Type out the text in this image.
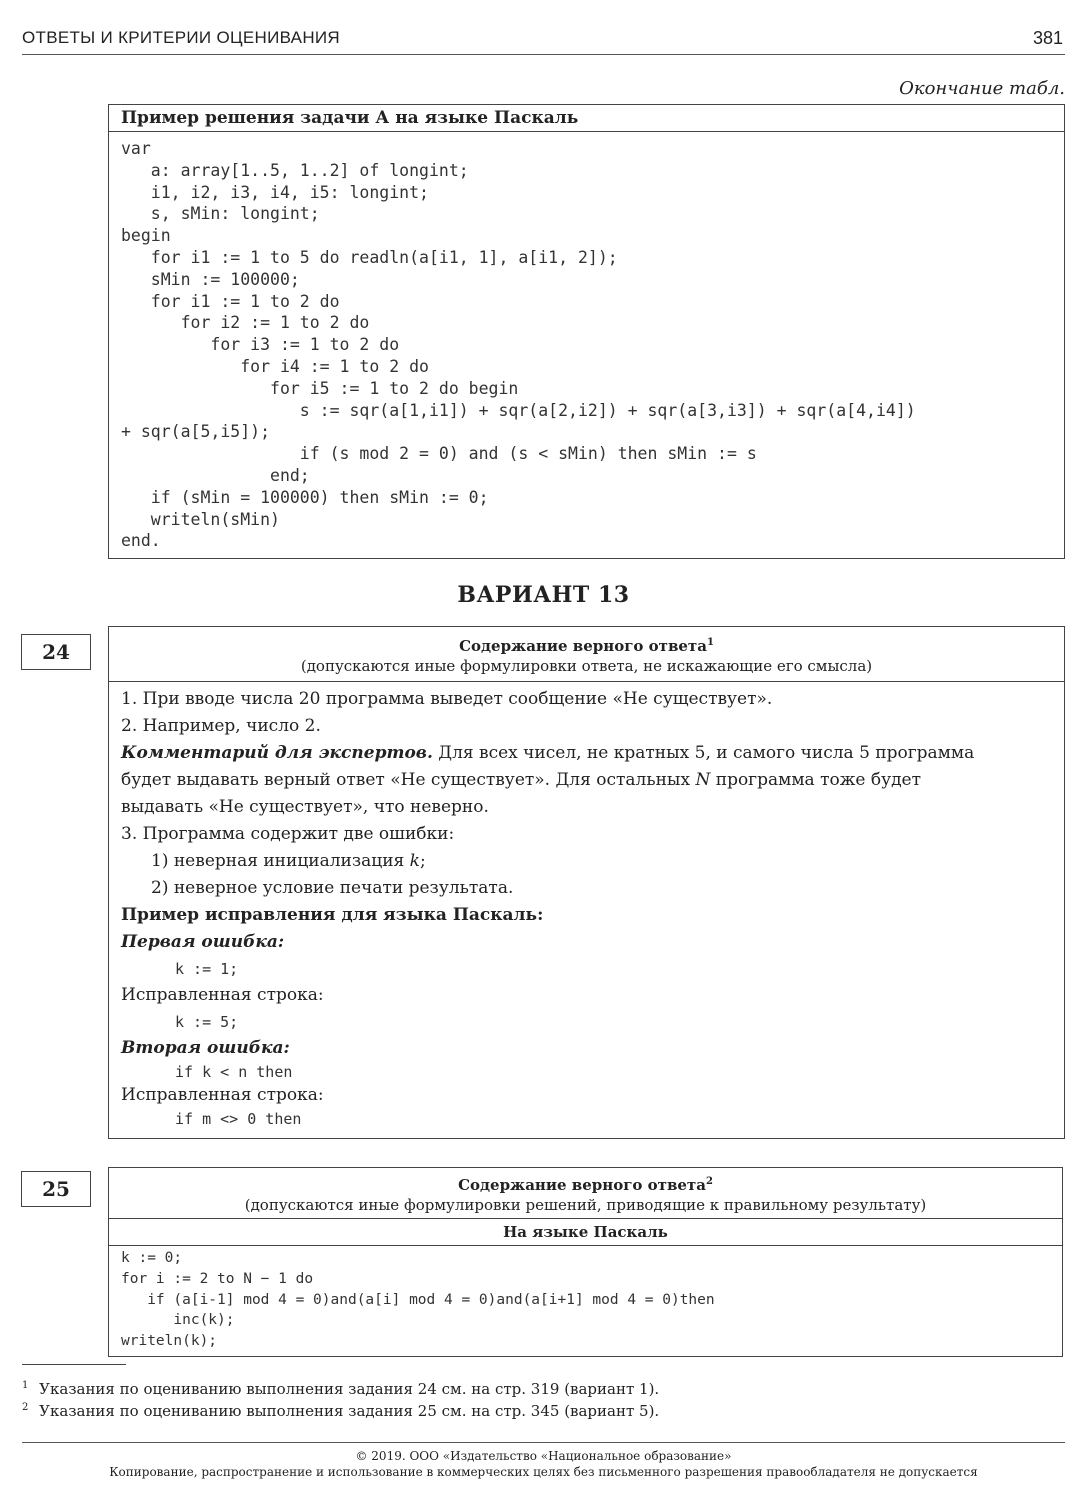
ОТВЕТЫ И КРИТЕРИИ ОЦЕНИВАНИЯ	381
Окончание табл.
Пример решения задачи А на языке Паскаль
var
a: array[1..5, 1..2] of longint;
i1, i2, i3, i4, i5: longint;
s, sMin: longint;
begin
for i1 := 1 to 5 do readln(a[i1, 1], a[i1, 2]);
sMin := 100000;
for i1 := 1 to 2 do
for i2 := 1 to 2 do
for i3 := 1 to 2 do
for i4 := 1 to 2 do
for i5 := 1 to 2 do begin
s := sqr(a[1,i1]) + sqr(a[2,i2]) + sqr(a[3,i3]) + sqr(a[4,i4])
+ sqr(a[5,i5]);
if (s mod 2 = 0) and (s < sMin) then sMin := s
end;
if (sMin = 100000) then sMin := 0;
writeln(sMin)
end.
ВАРИАНТ 13
24	Содержание верного ответа$^1$
(допускаются иные формулировки ответа, не искажающие его смысла)
1. При вводе числа 20 программа выведет сообщение «Не существует».
2. Например, число 2.
Комментарий для экспертов. Для всех чисел, не кратных 5, и самого числа 5 программа
будет выдавать верный ответ «Не существует». Для остальных N программа тоже будет
выдавать «Не существует», что неверно.
3. Программа содержит две ошибки:
1) неверная инициализация k;
2) неверное условие печати результата.
Пример исправления для языка Паскаль:
Первая ошибка:
k := 1;
Исправленная строка:
k := 5;
Вторая ошибка:
if k < n then
Исправленная строка:
if m <> 0 then
25	Содержание верного ответа$^2$
(допускаются иные формулировки решений, приводящие к правильному результату)
На языке Паскаль
k := 0;
for i := 2 to N − 1 do
if (a[i-1] mod 4 = 0)and(a[i] mod 4 = 0)and(a[i+1] mod 4 = 0)then
inc(k);
writeln(k);
$^1$ Указания по оцениванию выполнения задания 24 см. на стр. 319 (вариант 1).
$^2$ Указания по оцениванию выполнения задания 25 см. на стр. 345 (вариант 5).
© 2019. ООО «Издательство «Национальное образование»
Копирование, распространение и использование в коммерческих целях без письменного разрешения правообладателя не допускается
